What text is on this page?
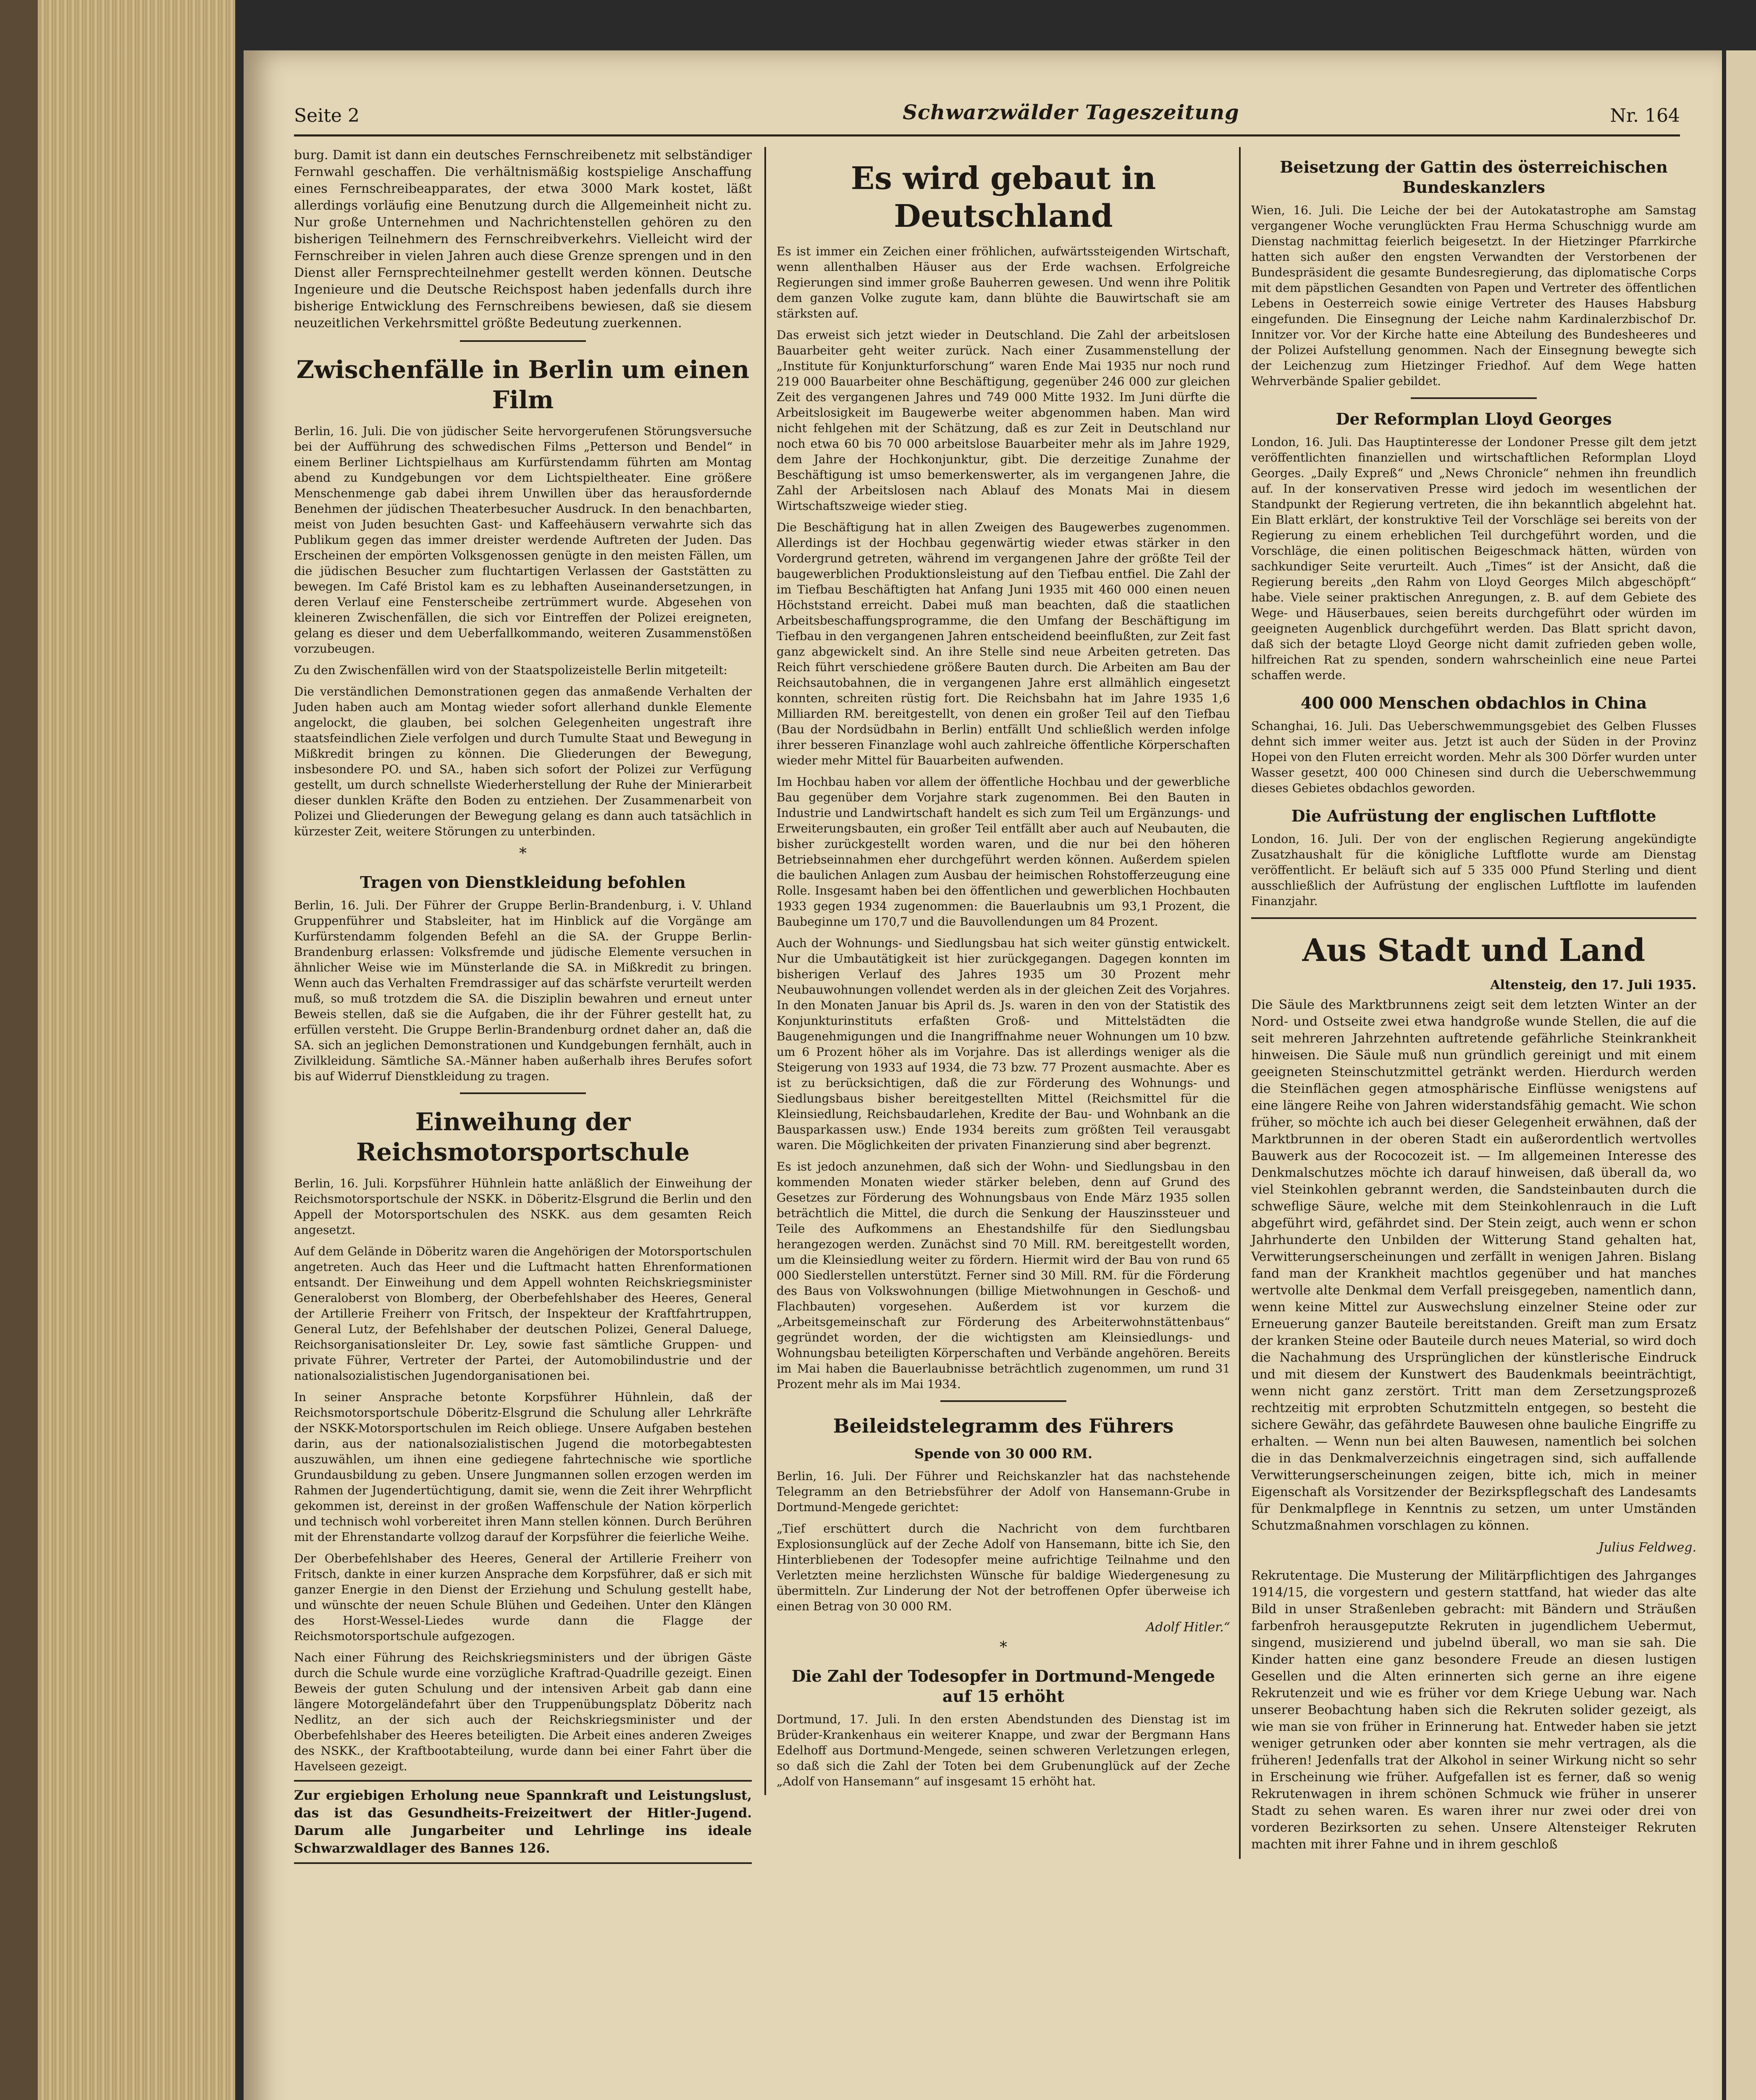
Seite 2	Schwarzwälder Tageszeitung	Nr. 164

burg. Damit ist dann ein deutsches Fernschreibenetz mit selbständiger Fernwahl geschaffen. Die verhältnismäßig kostspielige Anschaffung eines Fernschreibeapparates, der etwa 3000 Mark kostet, läßt allerdings vorläufig eine Benutzung durch die Allgemeinheit nicht zu. Nur große Unternehmen und Nachrichtenstellen gehören zu den bisherigen Teilnehmern des Fernschreibverkehrs. Vielleicht wird der Fernschreiber in vielen Jahren auch diese Grenze sprengen und in den Dienst aller Fernsprechteilnehmer gestellt werden können. Deutsche Ingenieure und die Deutsche Reichspost haben jedenfalls durch ihre bisherige Entwicklung des Fernschreibens bewiesen, daß sie diesem neuzeitlichen Verkehrsmittel größte Bedeutung zuerkennen.

Zwischenfälle in Berlin um einen Film

Berlin, 16. Juli. Die von jüdischer Seite hervorgerufenen Störungsversuche bei der Aufführung des schwedischen Films „Petterson und Bendel“ in einem Berliner Lichtspielhaus am Kurfürstendamm führten am Montag abend zu Kundgebungen vor dem Lichtspieltheater. Eine größere Menschenmenge gab dabei ihrem Unwillen über das herausfordernde Benehmen der jüdischen Theaterbesucher Ausdruck. In den benachbarten, meist von Juden besuchten Gast- und Kaffeehäusern verwahrte sich das Publikum gegen das immer dreister werdende Auftreten der Juden. Das Erscheinen der empörten Volksgenossen genügte in den meisten Fällen, um die jüdischen Besucher zum fluchtartigen Verlassen der Gaststätten zu bewegen. Im Café Bristol kam es zu lebhaften Auseinandersetzungen, in deren Verlauf eine Fensterscheibe zertrümmert wurde. Abgesehen von kleineren Zwischenfällen, die sich vor Eintreffen der Polizei ereigneten, gelang es dieser und dem Ueberfallkommando, weiteren Zusammenstößen vorzubeugen.

Zu den Zwischenfällen wird von der Staatspolizeistelle Berlin mitgeteilt:

Die verständlichen Demonstrationen gegen das anmaßende Verhalten der Juden haben auch am Montag wieder sofort allerhand dunkle Elemente angelockt, die glauben, bei solchen Gelegenheiten ungestraft ihre staatsfeindlichen Ziele verfolgen und durch Tumulte Staat und Bewegung in Mißkredit bringen zu können. Die Gliederungen der Bewegung, insbesondere PO. und SA., haben sich sofort der Polizei zur Verfügung gestellt, um durch schnellste Wiederherstellung der Ruhe der Minierarbeit dieser dunklen Kräfte den Boden zu entziehen. Der Zusammenarbeit von Polizei und Gliederungen der Bewegung gelang es dann auch tatsächlich in kürzester Zeit, weitere Störungen zu unterbinden.

*
Tragen von Dienstkleidung befohlen

Berlin, 16. Juli. Der Führer der Gruppe Berlin-Brandenburg, i. V. Uhland Gruppenführer und Stabsleiter, hat im Hinblick auf die Vorgänge am Kurfürstendamm folgenden Befehl an die SA. der Gruppe Berlin-Brandenburg erlassen: Volksfremde und jüdische Elemente versuchen in ähnlicher Weise wie im Münsterlande die SA. in Mißkredit zu bringen. Wenn auch das Verhalten Fremdrassiger auf das schärfste verurteilt werden muß, so muß trotzdem die SA. die Disziplin bewahren und erneut unter Beweis stellen, daß sie die Aufgaben, die ihr der Führer gestellt hat, zu erfüllen versteht. Die Gruppe Berlin-Brandenburg ordnet daher an, daß die SA. sich an jeglichen Demonstrationen und Kundgebungen fernhält, auch in Zivilkleidung. Sämtliche SA.-Männer haben außerhalb ihres Berufes sofort bis auf Widerruf Dienstkleidung zu tragen.

Einweihung der Reichsmotorsportschule

Berlin, 16. Juli. Korpsführer Hühnlein hatte anläßlich der Einweihung der Reichsmotorsportschule der NSKK. in Döberitz-Elsgrund die Berlin und den Appell der Motorsportschulen des NSKK. aus dem gesamten Reich angesetzt.

Auf dem Gelände in Döberitz waren die Angehörigen der Motorsportschulen angetreten. Auch das Heer und die Luftmacht hatten Ehrenformationen entsandt. Der Einweihung und dem Appell wohnten Reichskriegsminister Generaloberst von Blomberg, der Oberbefehlshaber des Heeres, General der Artillerie Freiherr von Fritsch, der Inspekteur der Kraftfahrtruppen, General Lutz, der Befehlshaber der deutschen Polizei, General Daluege, Reichsorganisationsleiter Dr. Ley, sowie fast sämtliche Gruppen- und private Führer, Vertreter der Partei, der Automobilindustrie und der nationalsozialistischen Jugendorganisationen bei.

In seiner Ansprache betonte Korpsführer Hühnlein, daß der Reichsmotorsportschule Döberitz-Elsgrund die Schulung aller Lehrkräfte der NSKK-Motorsportschulen im Reich obliege. Unsere Aufgaben bestehen darin, aus der nationalsozialistischen Jugend die motorbegabtesten auszuwählen, um ihnen eine gediegene fahrtechnische wie sportliche Grundausbildung zu geben. Unsere Jungmannen sollen erzogen werden im Rahmen der Jugendertüchtigung, damit sie, wenn die Zeit ihrer Wehrpflicht gekommen ist, dereinst in der großen Waffenschule der Nation körperlich und technisch wohl vorbereitet ihren Mann stellen können. Durch Berühren mit der Ehrenstandarte vollzog darauf der Korpsführer die feierliche Weihe.

Der Oberbefehlshaber des Heeres, General der Artillerie Freiherr von Fritsch, dankte in einer kurzen Ansprache dem Korpsführer, daß er sich mit ganzer Energie in den Dienst der Erziehung und Schulung gestellt habe, und wünschte der neuen Schule Blühen und Gedeihen. Unter den Klängen des Horst-Wessel-Liedes wurde dann die Flagge der Reichsmotorsportschule aufgezogen.

Nach einer Führung des Reichskriegsministers und der übrigen Gäste durch die Schule wurde eine vorzügliche Kraftrad-Quadrille gezeigt. Einen Beweis der guten Schulung und der intensiven Arbeit gab dann eine längere Motorgeländefahrt über den Truppenübungsplatz Döberitz nach Nedlitz, an der sich auch der Reichskriegsminister und der Oberbefehlshaber des Heeres beteiligten. Die Arbeit eines anderen Zweiges des NSKK., der Kraftbootabteilung, wurde dann bei einer Fahrt über die Havelseen gezeigt.

Zur ergiebigen Erholung neue Spannkraft und Leistungslust, das ist das Gesundheits-Freizeitwert der Hitler-Jugend. Darum alle Jungarbeiter und Lehrlinge ins ideale Schwarzwaldlager des Bannes 126.
Es wird gebaut in Deutschland

Es ist immer ein Zeichen einer fröhlichen, aufwärtssteigenden Wirtschaft, wenn allenthalben Häuser aus der Erde wachsen. Erfolgreiche Regierungen sind immer große Bauherren gewesen. Und wenn ihre Politik dem ganzen Volke zugute kam, dann blühte die Bauwirtschaft sie am stärksten auf.

Das erweist sich jetzt wieder in Deutschland. Die Zahl der arbeitslosen Bauarbeiter geht weiter zurück. Nach einer Zusammenstellung der „Institute für Konjunkturforschung“ waren Ende Mai 1935 nur noch rund 219 000 Bauarbeiter ohne Beschäftigung, gegenüber 246 000 zur gleichen Zeit des vergangenen Jahres und 749 000 Mitte 1932. Im Juni dürfte die Arbeitslosigkeit im Baugewerbe weiter abgenommen haben. Man wird nicht fehlgehen mit der Schätzung, daß es zur Zeit in Deutschland nur noch etwa 60 bis 70 000 arbeitslose Bauarbeiter mehr als im Jahre 1929, dem Jahre der Hochkonjunktur, gibt. Die derzeitige Zunahme der Beschäftigung ist umso bemerkenswerter, als im vergangenen Jahre, die Zahl der Arbeitslosen nach Ablauf des Monats Mai in diesem Wirtschaftszweige wieder stieg.

Die Beschäftigung hat in allen Zweigen des Baugewerbes zugenommen. Allerdings ist der Hochbau gegenwärtig wieder etwas stärker in den Vordergrund getreten, während im vergangenen Jahre der größte Teil der baugewerblichen Produktionsleistung auf den Tiefbau entfiel. Die Zahl der im Tiefbau Beschäftigten hat Anfang Juni 1935 mit 460 000 einen neuen Höchststand erreicht. Dabei muß man beachten, daß die staatlichen Arbeitsbeschaffungsprogramme, die den Umfang der Beschäftigung im Tiefbau in den vergangenen Jahren entscheidend beeinflußten, zur Zeit fast ganz abgewickelt sind. An ihre Stelle sind neue Arbeiten getreten. Das Reich führt verschiedene größere Bauten durch. Die Arbeiten am Bau der Reichsautobahnen, die in vergangenen Jahre erst allmählich eingesetzt konnten, schreiten rüstig fort. Die Reichsbahn hat im Jahre 1935 1,6 Milliarden RM. bereitgestellt, von denen ein großer Teil auf den Tiefbau (Bau der Nordsüdbahn in Berlin) entfällt Und schließlich werden infolge ihrer besseren Finanzlage wohl auch zahlreiche öffentliche Körperschaften wieder mehr Mittel für Bauarbeiten aufwenden.

Im Hochbau haben vor allem der öffentliche Hochbau und der gewerbliche Bau gegenüber dem Vorjahre stark zugenommen. Bei den Bauten in Industrie und Landwirtschaft handelt es sich zum Teil um Ergänzungs- und Erweiterungsbauten, ein großer Teil entfällt aber auch auf Neubauten, die bisher zurückgestellt worden waren, und die nur bei den höheren Betriebseinnahmen eher durchgeführt werden können. Außerdem spielen die baulichen Anlagen zum Ausbau der heimischen Rohstofferzeugung eine Rolle. Insgesamt haben bei den öffentlichen und gewerblichen Hochbauten 1933 gegen 1934 zugenommen: die Bauerlaubnis um 93,1 Prozent, die Baubeginne um 170,7 und die Bauvollendungen um 84 Prozent.

Auch der Wohnungs- und Siedlungsbau hat sich weiter günstig entwickelt. Nur die Umbautätigkeit ist hier zurückgegangen. Dagegen konnten im bisherigen Verlauf des Jahres 1935 um 30 Prozent mehr Neubauwohnungen vollendet werden als in der gleichen Zeit des Vorjahres. In den Monaten Januar bis April ds. Js. waren in den von der Statistik des Konjunkturinstituts erfaßten Groß- und Mittelstädten die Baugenehmigungen und die Inangriffnahme neuer Wohnungen um 10 bzw. um 6 Prozent höher als im Vorjahre. Das ist allerdings weniger als die Steigerung von 1933 auf 1934, die 73 bzw. 77 Prozent ausmachte. Aber es ist zu berücksichtigen, daß die zur Förderung des Wohnungs- und Siedlungsbaus bisher bereitgestellten Mittel (Reichsmittel für die Kleinsiedlung, Reichsbaudarlehen, Kredite der Bau- und Wohnbank an die Bausparkassen usw.) Ende 1934 bereits zum größten Teil verausgabt waren. Die Möglichkeiten der privaten Finanzierung sind aber begrenzt.

Es ist jedoch anzunehmen, daß sich der Wohn- und Siedlungsbau in den kommenden Monaten wieder stärker beleben, denn auf Grund des Gesetzes zur Förderung des Wohnungsbaus von Ende März 1935 sollen beträchtlich die Mittel, die durch die Senkung der Hauszinssteuer und Teile des Aufkommens an Ehestandshilfe für den Siedlungsbau herangezogen werden. Zunächst sind 70 Mill. RM. bereitgestellt worden, um die Kleinsiedlung weiter zu fördern. Hiermit wird der Bau von rund 65 000 Siedlerstellen unterstützt. Ferner sind 30 Mill. RM. für die Förderung des Baus von Volkswohnungen (billige Mietwohnungen in Geschoß- und Flachbauten) vorgesehen. Außerdem ist vor kurzem die „Arbeitsgemeinschaft zur Förderung des Arbeiterwohnstättenbaus“ gegründet worden, der die wichtigsten am Kleinsiedlungs- und Wohnungsbau beteiligten Körperschaften und Verbände angehören. Bereits im Mai haben die Bauerlaubnisse beträchtlich zugenommen, um rund 31 Prozent mehr als im Mai 1934.

Beileidstelegramm des Führers
Spende von 30 000 RM.

Berlin, 16. Juli. Der Führer und Reichskanzler hat das nachstehende Telegramm an den Betriebsführer der Adolf von Hansemann-Grube in Dortmund-Mengede gerichtet:

„Tief erschüttert durch die Nachricht von dem furchtbaren Explosionsunglück auf der Zeche Adolf von Hansemann, bitte ich Sie, den Hinterbliebenen der Todesopfer meine aufrichtige Teilnahme und den Verletzten meine herzlichsten Wünsche für baldige Wiedergenesung zu übermitteln. Zur Linderung der Not der betroffenen Opfer überweise ich einen Betrag von 30 000 RM.

Adolf Hitler.“
*
Die Zahl der Todesopfer in Dortmund-Mengede auf 15 erhöht

Dortmund, 17. Juli. In den ersten Abendstunden des Dienstag ist im Brüder-Krankenhaus ein weiterer Knappe, und zwar der Bergmann Hans Edelhoff aus Dortmund-Mengede, seinen schweren Verletzungen erlegen, so daß sich die Zahl der Toten bei dem Grubenunglück auf der Zeche „Adolf von Hansemann“ auf insgesamt 15 erhöht hat.

Beisetzung der Gattin des österreichischen Bundeskanzlers

Wien, 16. Juli. Die Leiche der bei der Autokatastrophe am Samstag vergangener Woche verunglückten Frau Herma Schuschnigg wurde am Dienstag nachmittag feierlich beigesetzt. In der Hietzinger Pfarrkirche hatten sich außer den engsten Verwandten der Verstorbenen der Bundespräsident die gesamte Bundesregierung, das diplomatische Corps mit dem päpstlichen Gesandten von Papen und Vertreter des öffentlichen Lebens in Oesterreich sowie einige Vertreter des Hauses Habsburg eingefunden. Die Einsegnung der Leiche nahm Kardinalerzbischof Dr. Innitzer vor. Vor der Kirche hatte eine Abteilung des Bundesheeres und der Polizei Aufstellung genommen. Nach der Einsegnung bewegte sich der Leichenzug zum Hietzinger Friedhof. Auf dem Wege hatten Wehrverbände Spalier gebildet.

Der Reformplan Lloyd Georges

London, 16. Juli. Das Hauptinteresse der Londoner Presse gilt dem jetzt veröffentlichten finanziellen und wirtschaftlichen Reformplan Lloyd Georges. „Daily Expreß“ und „News Chronicle“ nehmen ihn freundlich auf. In der konservativen Presse wird jedoch im wesentlichen der Standpunkt der Regierung vertreten, die ihn bekanntlich abgelehnt hat. Ein Blatt erklärt, der konstruktive Teil der Vorschläge sei bereits von der Regierung zu einem erheblichen Teil durchgeführt worden, und die Vorschläge, die einen politischen Beigeschmack hätten, würden von sachkundiger Seite verurteilt. Auch „Times“ ist der Ansicht, daß die Regierung bereits „den Rahm von Lloyd Georges Milch abgeschöpft“ habe. Viele seiner praktischen Anregungen, z. B. auf dem Gebiete des Wege- und Häuserbaues, seien bereits durchgeführt oder würden im geeigneten Augenblick durchgeführt werden. Das Blatt spricht davon, daß sich der betagte Lloyd George nicht damit zufrieden geben wolle, hilfreichen Rat zu spenden, sondern wahrscheinlich eine neue Partei schaffen werde.

400 000 Menschen obdachlos in China

Schanghai, 16. Juli. Das Ueberschwemmungsgebiet des Gelben Flusses dehnt sich immer weiter aus. Jetzt ist auch der Süden in der Provinz Hopei von den Fluten erreicht worden. Mehr als 300 Dörfer wurden unter Wasser gesetzt, 400 000 Chinesen sind durch die Ueberschwemmung dieses Gebietes obdachlos geworden.

Die Aufrüstung der englischen Luftflotte

London, 16. Juli. Der von der englischen Regierung angekündigte Zusatzhaushalt für die königliche Luftflotte wurde am Dienstag veröffentlicht. Er beläuft sich auf 5 335 000 Pfund Sterling und dient ausschließlich der Aufrüstung der englischen Luftflotte im laufenden Finanzjahr.

Aus Stadt und Land
Altensteig, den 17. Juli 1935.

Die Säule des Marktbrunnens zeigt seit dem letzten Winter an der Nord- und Ostseite zwei etwa handgroße wunde Stellen, die auf die seit mehreren Jahrzehnten auftretende gefährliche Steinkrankheit hinweisen. Die Säule muß nun gründlich gereinigt und mit einem geeigneten Steinschutzmittel getränkt werden. Hierdurch werden die Steinflächen gegen atmosphärische Einflüsse wenigstens auf eine längere Reihe von Jahren widerstandsfähig gemacht. Wie schon früher, so möchte ich auch bei dieser Gelegenheit erwähnen, daß der Marktbrunnen in der oberen Stadt ein außerordentlich wertvolles Bauwerk aus der Rococozeit ist. — Im allgemeinen Interesse des Denkmalschutzes möchte ich darauf hinweisen, daß überall da, wo viel Steinkohlen gebrannt werden, die Sandsteinbauten durch die schweflige Säure, welche mit dem Steinkohlenrauch in die Luft abgeführt wird, gefährdet sind. Der Stein zeigt, auch wenn er schon Jahrhunderte den Unbilden der Witterung Stand gehalten hat, Verwitterungserscheinungen und zerfällt in wenigen Jahren. Bislang fand man der Krankheit machtlos gegenüber und hat manches wertvolle alte Denkmal dem Verfall preisgegeben, namentlich dann, wenn keine Mittel zur Auswechslung einzelner Steine oder zur Erneuerung ganzer Bauteile bereitstanden. Greift man zum Ersatz der kranken Steine oder Bauteile durch neues Material, so wird doch die Nachahmung des Ursprünglichen der künstlerische Eindruck und mit diesem der Kunstwert des Baudenkmals beeinträchtigt, wenn nicht ganz zerstört. Tritt man dem Zersetzungsprozeß rechtzeitig mit erprobten Schutzmitteln entgegen, so besteht die sichere Gewähr, das gefährdete Bauwesen ohne bauliche Eingriffe zu erhalten. — Wenn nun bei alten Bauwesen, namentlich bei solchen die in das Denkmalverzeichnis eingetragen sind, sich auffallende Verwitterungserscheinungen zeigen, bitte ich, mich in meiner Eigenschaft als Vorsitzender der Bezirkspflegschaft des Landesamts für Denkmalpflege in Kenntnis zu setzen, um unter Umständen Schutzmaßnahmen vorschlagen zu können.

Julius Feldweg.

Rekrutentage. Die Musterung der Militärpflichtigen des Jahrganges 1914/15, die vorgestern und gestern stattfand, hat wieder das alte Bild in unser Straßenleben gebracht: mit Bändern und Sträußen farbenfroh herausgeputzte Rekruten in jugendlichem Uebermut, singend, musizierend und jubelnd überall, wo man sie sah. Die Kinder hatten eine ganz besondere Freude an diesen lustigen Gesellen und die Alten erinnerten sich gerne an ihre eigene Rekrutenzeit und wie es früher vor dem Kriege Uebung war. Nach unserer Beobachtung haben sich die Rekruten solider gezeigt, als wie man sie von früher in Erinnerung hat. Entweder haben sie jetzt weniger getrunken oder aber konnten sie mehr vertragen, als die früheren! Jedenfalls trat der Alkohol in seiner Wirkung nicht so sehr in Erscheinung wie früher. Aufgefallen ist es ferner, daß so wenig Rekrutenwagen in ihrem schönen Schmuck wie früher in unserer Stadt zu sehen waren. Es waren ihrer nur zwei oder drei von vorderen Bezirksorten zu sehen. Unsere Altensteiger Rekruten machten mit ihrer Fahne und in ihrem geschloß
